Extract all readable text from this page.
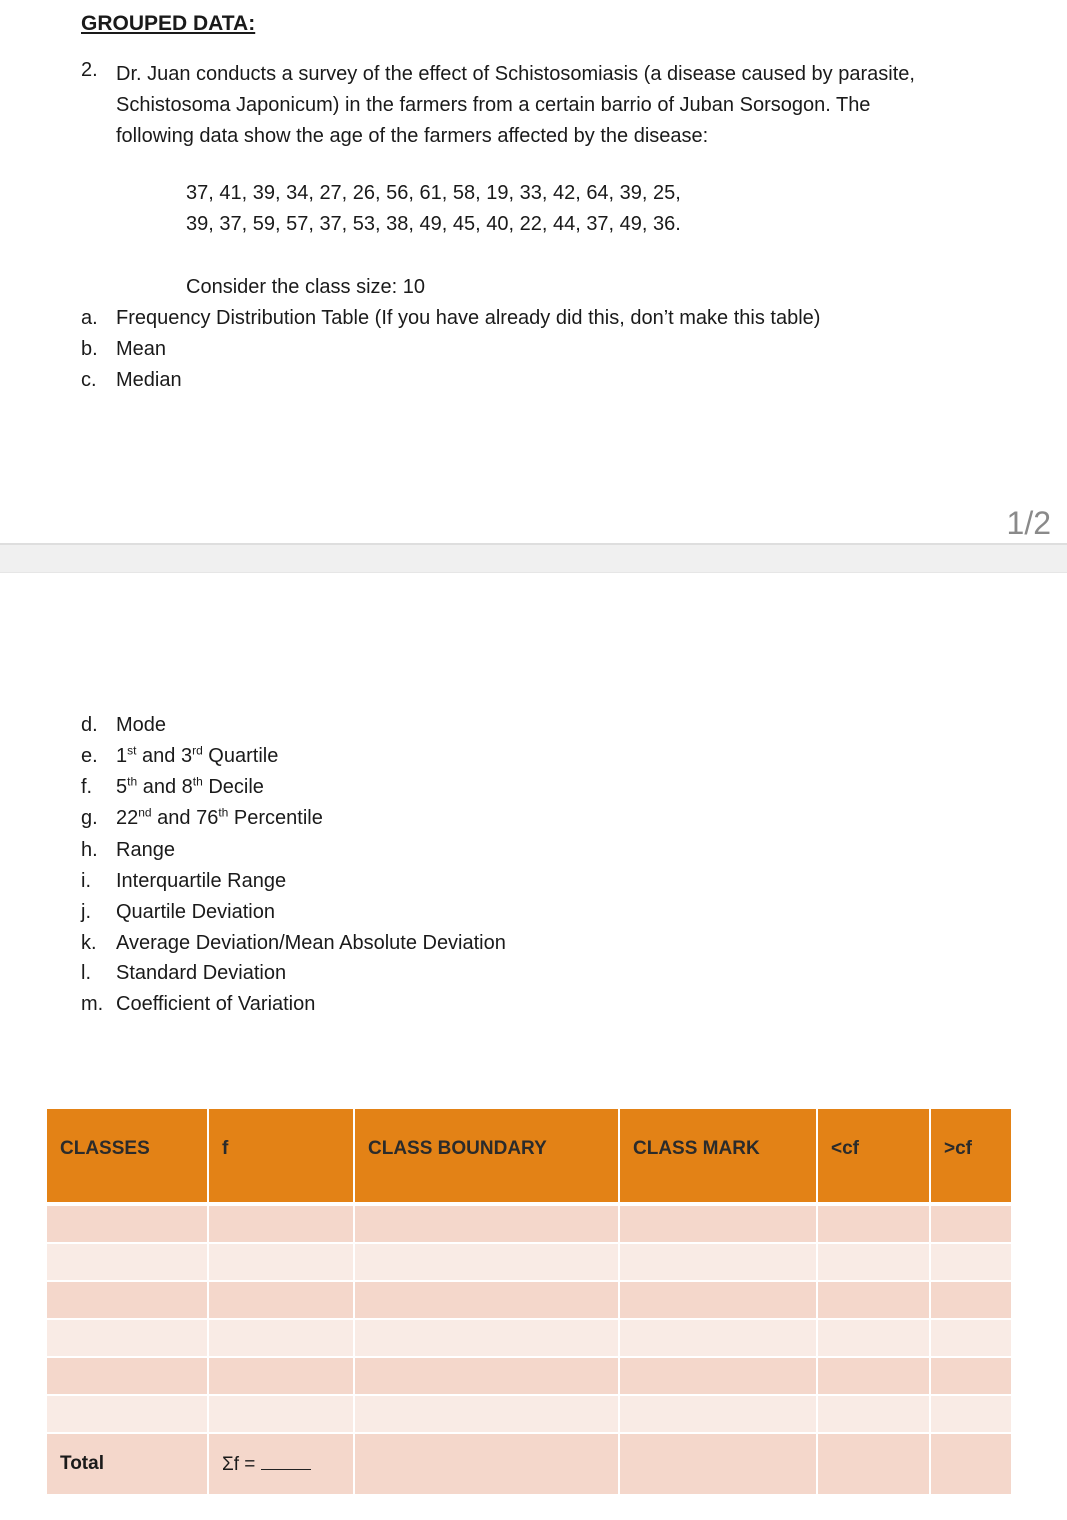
GROUPED DATA:
2. Dr. Juan conducts a survey of the effect of Schistosomiasis (a disease caused by parasite, Schistosoma Japonicum) in the farmers from a certain barrio of Juban Sorsogon. The following data show the age of the farmers affected by the disease:
37, 41, 39, 34, 27, 26, 56, 61, 58, 19, 33, 42, 64, 39, 25,
39, 37, 59, 57, 37, 53, 38, 49, 45, 40, 22, 44, 37, 49, 36.
Consider the class size: 10
a. Frequency Distribution Table (If you have already did this, don’t make this table)
b. Mean
c. Median
1/2
d. Mode
e. 1st and 3rd Quartile
f. 5th and 8th Decile
g. 22nd and 76th Percentile
h. Range
i. Interquartile Range
j. Quartile Deviation
k. Average Deviation/Mean Absolute Deviation
l. Standard Deviation
m. Coefficient of Variation
CLASSES	f	CLASS BOUNDARY	CLASS MARK	<cf	>cf

Total	Σf =				
